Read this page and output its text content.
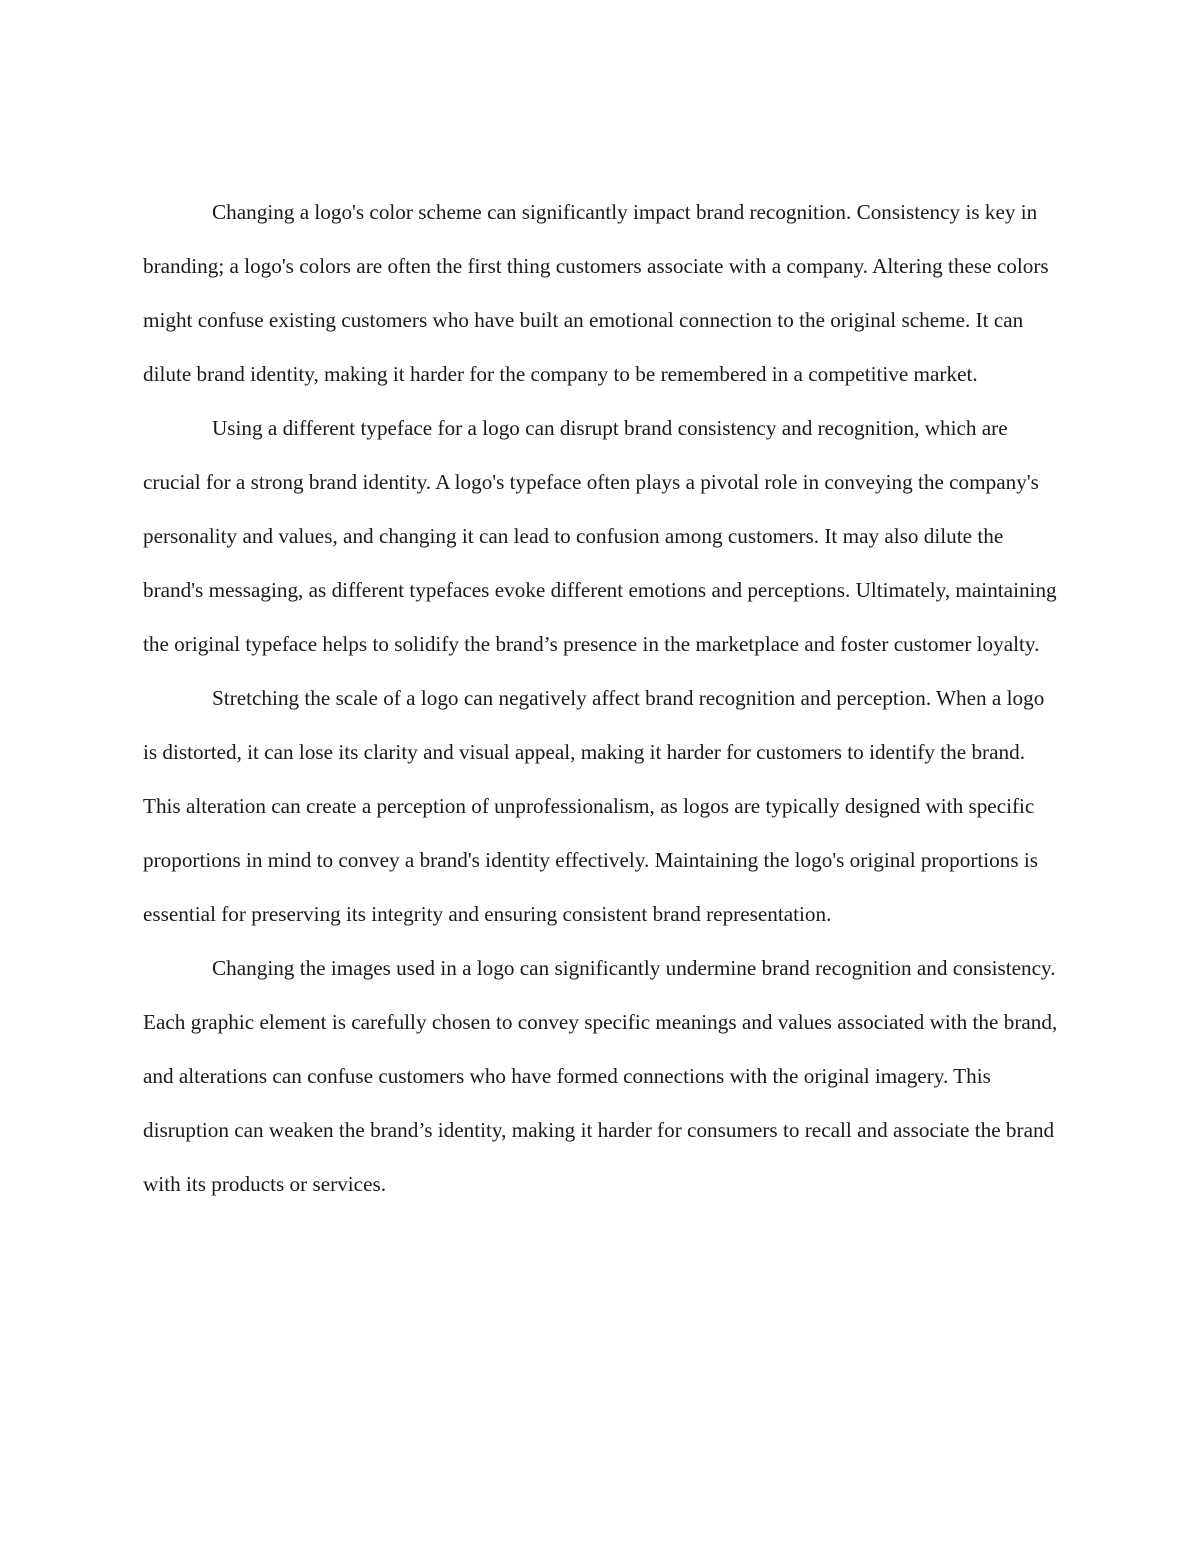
Changing a logo's color scheme can significantly impact brand recognition. Consistency is key in branding; a logo's colors are often the first thing customers associate with a company. Altering these colors might confuse existing customers who have built an emotional connection to the original scheme. It can dilute brand identity, making it harder for the company to be remembered in a competitive market.

Using a different typeface for a logo can disrupt brand consistency and recognition, which are crucial for a strong brand identity. A logo's typeface often plays a pivotal role in conveying the company's personality and values, and changing it can lead to confusion among customers. It may also dilute the brand's messaging, as different typefaces evoke different emotions and perceptions. Ultimately, maintaining the original typeface helps to solidify the brand’s presence in the marketplace and foster customer loyalty.

Stretching the scale of a logo can negatively affect brand recognition and perception. When a logo is distorted, it can lose its clarity and visual appeal, making it harder for customers to identify the brand. This alteration can create a perception of unprofessionalism, as logos are typically designed with specific proportions in mind to convey a brand's identity effectively. Maintaining the logo's original proportions is essential for preserving its integrity and ensuring consistent brand representation.

Changing the images used in a logo can significantly undermine brand recognition and consistency. Each graphic element is carefully chosen to convey specific meanings and values associated with the brand, and alterations can confuse customers who have formed connections with the original imagery. This disruption can weaken the brand’s identity, making it harder for consumers to recall and associate the brand with its products or services.
